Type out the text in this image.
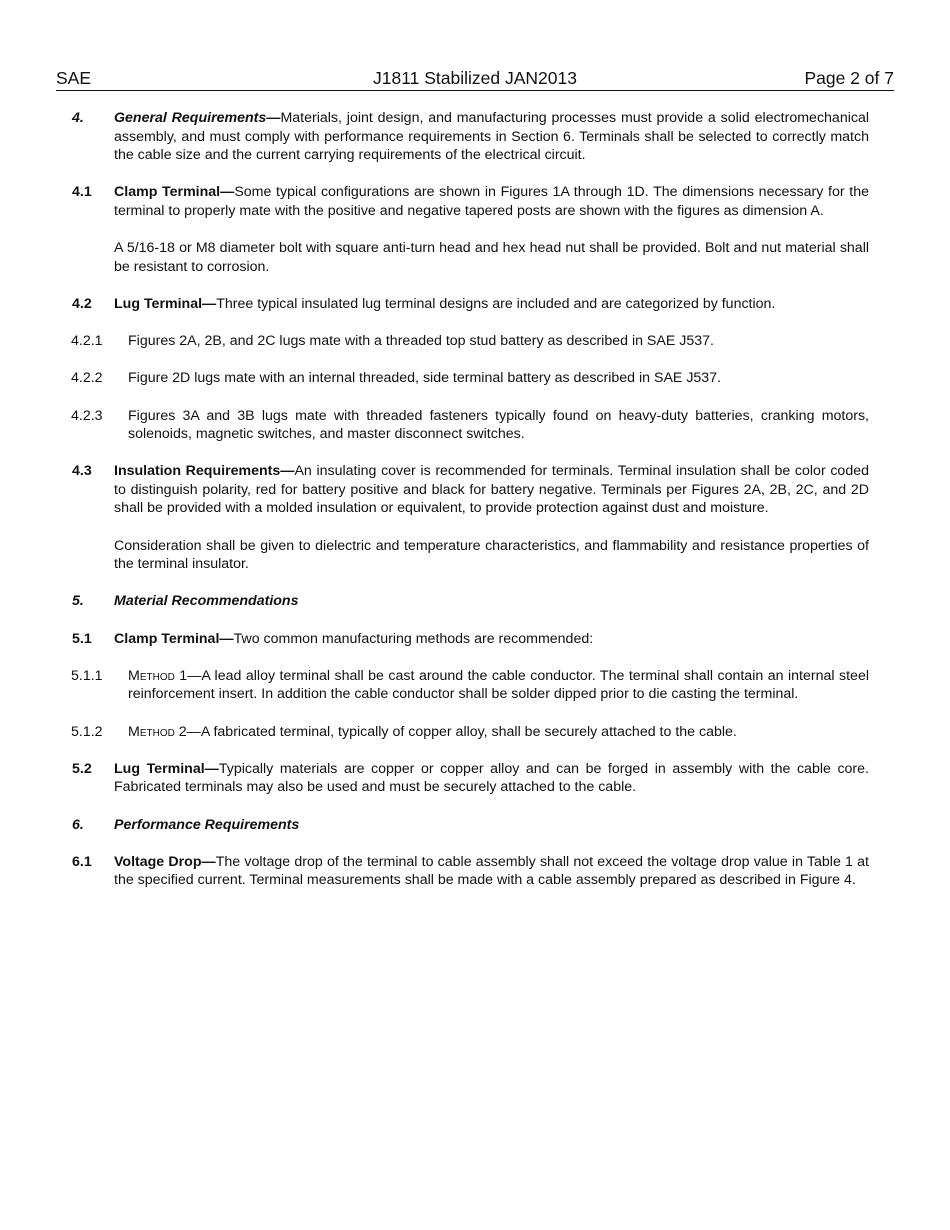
SAE	J1811 Stabilized JAN2013	Page 2 of 7
4. General Requirements—Materials, joint design, and manufacturing processes must provide a solid electromechanical assembly, and must comply with performance requirements in Section 6. Terminals shall be selected to correctly match the cable size and the current carrying requirements of the electrical circuit.
4.1 Clamp Terminal—Some typical configurations are shown in Figures 1A through 1D. The dimensions necessary for the terminal to properly mate with the positive and negative tapered posts are shown with the figures as dimension A.
A 5/16-18 or M8 diameter bolt with square anti-turn head and hex head nut shall be provided. Bolt and nut material shall be resistant to corrosion.
4.2 Lug Terminal—Three typical insulated lug terminal designs are included and are categorized by function.
4.2.1 Figures 2A, 2B, and 2C lugs mate with a threaded top stud battery as described in SAE J537.
4.2.2 Figure 2D lugs mate with an internal threaded, side terminal battery as described in SAE J537.
4.2.3 Figures 3A and 3B lugs mate with threaded fasteners typically found on heavy-duty batteries, cranking motors, solenoids, magnetic switches, and master disconnect switches.
4.3 Insulation Requirements—An insulating cover is recommended for terminals. Terminal insulation shall be color coded to distinguish polarity, red for battery positive and black for battery negative. Terminals per Figures 2A, 2B, 2C, and 2D shall be provided with a molded insulation or equivalent, to provide protection against dust and moisture.
Consideration shall be given to dielectric and temperature characteristics, and flammability and resistance properties of the terminal insulator.
5. Material Recommendations
5.1 Clamp Terminal—Two common manufacturing methods are recommended:
5.1.1 Method 1—A lead alloy terminal shall be cast around the cable conductor. The terminal shall contain an internal steel reinforcement insert. In addition the cable conductor shall be solder dipped prior to die casting the terminal.
5.1.2 Method 2—A fabricated terminal, typically of copper alloy, shall be securely attached to the cable.
5.2 Lug Terminal—Typically materials are copper or copper alloy and can be forged in assembly with the cable core. Fabricated terminals may also be used and must be securely attached to the cable.
6. Performance Requirements
6.1 Voltage Drop—The voltage drop of the terminal to cable assembly shall not exceed the voltage drop value in Table 1 at the specified current. Terminal measurements shall be made with a cable assembly prepared as described in Figure 4.
